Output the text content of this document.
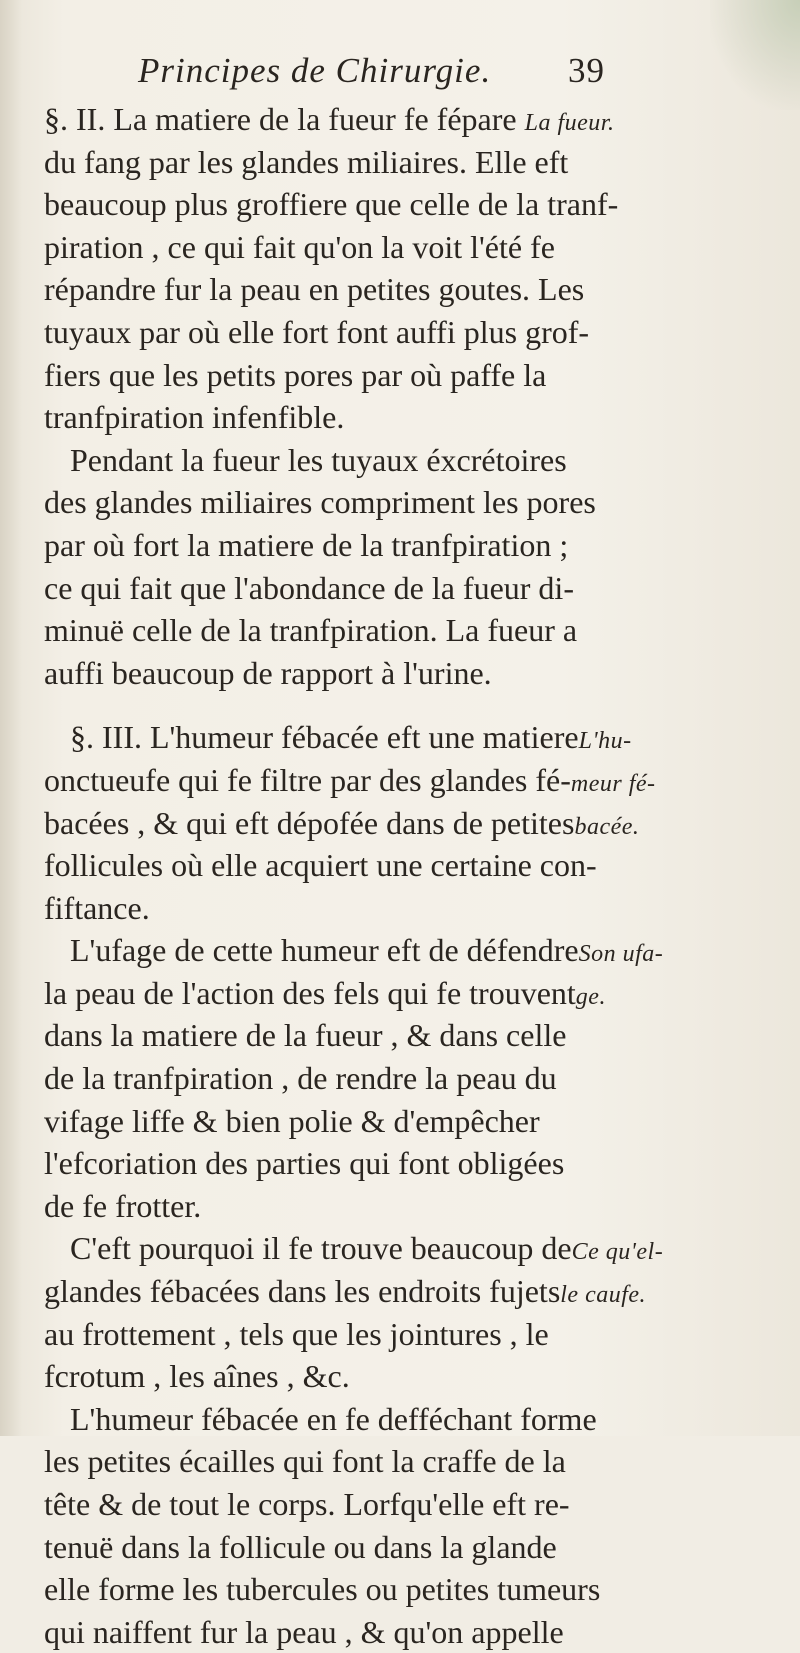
Principes de Chirurgie. 39
§. II. La matiere de la fueur fe fépare La fueur.
du fang par les glandes miliaires. Elle eft
beaucoup plus groffiere que celle de la tranf-
piration , ce qui fait qu'on la voit l'été fe
répandre fur la peau en petites goutes. Les
tuyaux par où elle fort font auffi plus grof-
fiers que les petits pores par où paffe la
tranfpiration infenfible.
Pendant la fueur les tuyaux éxcrétoires
des glandes miliaires compriment les pores
par où fort la matiere de la tranfpiration ;
ce qui fait que l'abondance de la fueur di-
minuë celle de la tranfpiration. La fueur a
auffi beaucoup de rapport à l'urine.
§. III. L'humeur fébacée eft une matiereL'hu-
onctueufe qui fe filtre par des glandes fé-meur fé-
bacées , & qui eft dépofée dans de petitesbacée.
follicules où elle acquiert une certaine con-
fiftance.
L'ufage de cette humeur eft de défendreSon ufa-
la peau de l'action des fels qui fe trouventge.
dans la matiere de la fueur , & dans celle
de la tranfpiration , de rendre la peau du
vifage liffe & bien polie & d'empêcher
l'efcoriation des parties qui font obligées
de fe frotter.
C'eft pourquoi il fe trouve beaucoup deCe qu'el-
glandes fébacées dans les endroits fujetsle caufe.
au frottement , tels que les jointures , le
fcrotum , les aînes , &c.
L'humeur fébacée en fe defféchant forme
les petites écailles qui font la craffe de la
tête & de tout le corps. Lorfqu'elle eft re-
tenuë dans la follicule ou dans la glande
elle forme les tubercules ou petites tumeurs
qui naiffent fur la peau , & qu'on appelle
